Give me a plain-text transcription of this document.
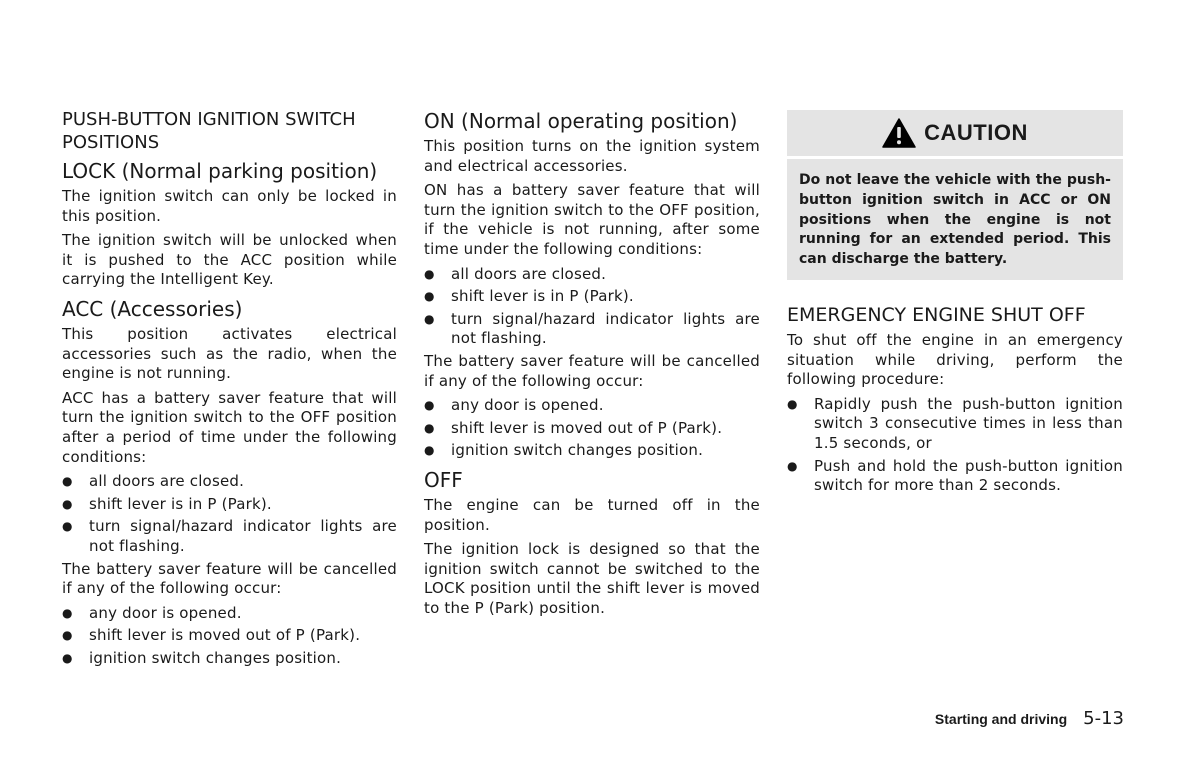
PUSH-BUTTON IGNITION SWITCH POSITIONS
LOCK (Normal parking position)

The ignition switch can only be locked in this position.

The ignition switch will be unlocked when it is pushed to the ACC position while carrying the Intelligent Key.

ACC (Accessories)

This position activates electrical accessories such as the radio, when the engine is not running.

ACC has a battery saver feature that will turn the ignition switch to the OFF position after a period of time under the following conditions:

●	all doors are closed.
●	shift lever is in P (Park).
●	turn signal/hazard indicator lights are not flashing.

The battery saver feature will be cancelled if any of the following occur:

●	any door is opened.
●	shift lever is moved out of P (Park).
●	ignition switch changes position.
ON (Normal operating position)

This position turns on the ignition system and electrical accessories.

ON has a battery saver feature that will turn the ignition switch to the OFF position, if the vehicle is not running, after some time under the following conditions:

●	all doors are closed.
●	shift lever is in P (Park).
●	turn signal/hazard indicator lights are not flashing.

The battery saver feature will be cancelled if any of the following occur:

●	any door is opened.
●	shift lever is moved out of P (Park).
●	ignition switch changes position.
OFF

The engine can be turned off in the position.

The ignition lock is designed so that the ignition switch cannot be switched to the LOCK position until the shift lever is moved to the P (Park) position.

CAUTION
Do not leave the vehicle with the push-button ignition switch in ACC or ON positions when the engine is not running for an extended period. This can discharge the battery.
EMERGENCY ENGINE SHUT OFF

To shut off the engine in an emergency situation while driving, perform the following procedure:

●	Rapidly push the push-button ignition switch 3 consecutive times in less than 1.5 seconds, or
●	Push and hold the push-button ignition switch for more than 2 seconds.
Starting and driving 5-13
